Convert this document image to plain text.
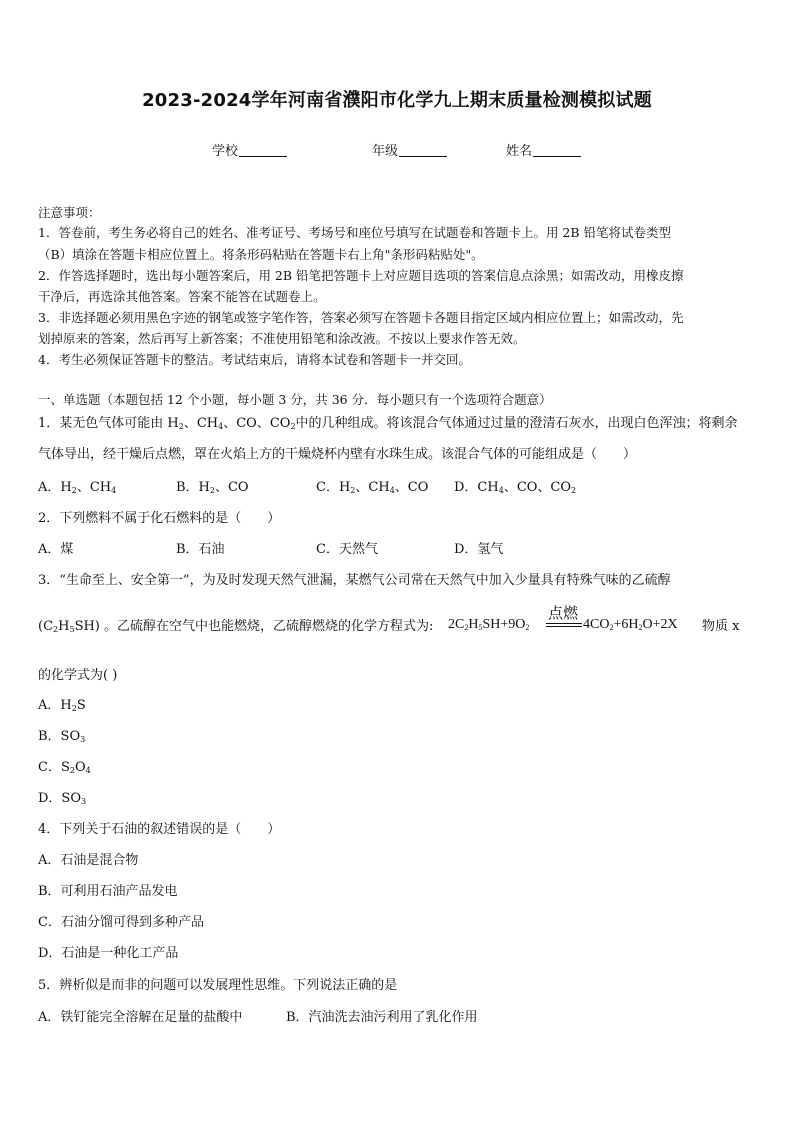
2023-2024学年河南省濮阳市化学九上期末质量检测模拟试题
学校	年级	姓名
注意事项：
1．答卷前，考生务必将自己的姓名、准考证号、考场号和座位号填写在试题卷和答题卡上。用 2B 铅笔将试卷类型
（B）填涂在答题卡相应位置上。将条形码粘贴在答题卡右上角"条形码粘贴处"。
2．作答选择题时，选出每小题答案后，用 2B 铅笔把答题卡上对应题目选项的答案信息点涂黑；如需改动，用橡皮擦
干净后，再选涂其他答案。答案不能答在试题卷上。
3．非选择题必须用黑色字迹的钢笔或签字笔作答，答案必须写在答题卡各题目指定区域内相应位置上；如需改动，先
划掉原来的答案，然后再写上新答案；不准使用铅笔和涂改液。不按以上要求作答无效。
4．考生必须保证答题卡的整洁。考试结束后，请将本试卷和答题卡一并交回。
一、单选题（本题包括 12 个小题，每小题 3 分，共 36 分．每小题只有一个选项符合题意）
1．某无色气体可能由 $H_2$、$CH_4$、CO、$CO_2$中的几种组成。将该混合气体通过过量的澄清石灰水，出现白色浑浊；将剩余
气体导出，经干燥后点燃，罩在火焰上方的干燥烧杯内壁有水珠生成。该混合气体的可能组成是（　　）
A．$H_2$、$CH_4$	B．$H_2$、CO	C．$H_2$、$CH_4$、CO D．$CH_4$、CO、$CO_2$
2．下列燃料不属于化石燃料的是（　　）
A．煤	B．石油	C．天然气	D．氢气
3．“生命至上、安全第一”，为及时发现天然气泄漏，某燃气公司常在天然气中加入少量具有特殊气味的乙硫醇
$(C_2H_5SH)$ 。乙硫醇在空气中也能燃烧，乙硫醇燃烧的化学方程式为: $2C_2H_5SH+9O_2$
点燃
$4CO_2+6H_2O+2X$ 物质 x
的化学式为( )
A．$H_2S$
B．$SO_3$
C．$S_2O_4$
D．$SO_3$
4．下列关于石油的叙述错误的是（　　）
A．石油是混合物
B．可利用石油产品发电
C．石油分馏可得到多种产品
D．石油是一种化工产品
5．辨析似是而非的问题可以发展理性思维。下列说法正确的是
A．铁钉能完全溶解在足量的盐酸中	B．汽油洗去油污利用了乳化作用
